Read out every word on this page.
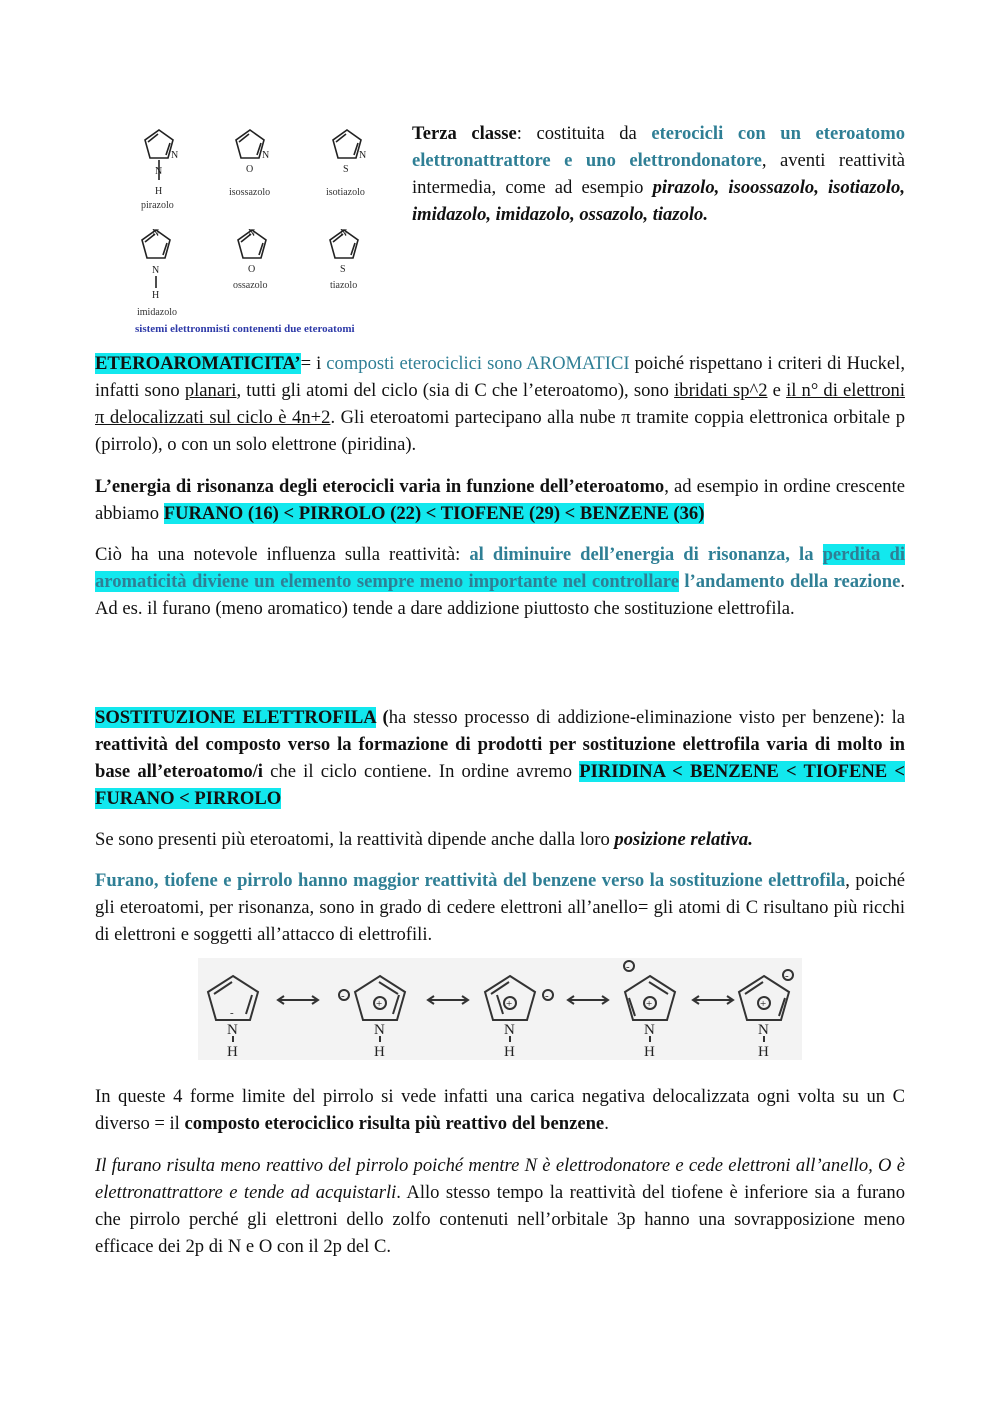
N
N
H
N
O
N
S
N
N
H
N
O
N
S
pirazolo
isossazolo	isotiazolo
imidazolo
ossazolo	tiazolo
sistemi elettronmisti contenenti due eteroatomi

Terza classe: costituita da eterocicli con un eteroatomo elettronattrattore e uno elettrondonatore, aventi reattività intermedia, come ad esempio pirazolo, isoossazolo, isotiazolo, imidazolo, imidazolo, ossazolo, tiazolo.

ETEROAROMATICITA’= i composti eterociclici sono AROMATICI poiché rispettano i criteri di Huckel, infatti sono planari, tutti gli atomi del ciclo (sia di C che l’eteroatomo), sono ibridati sp^2 e il n° di elettroni π delocalizzati sul ciclo è 4n+2. Gli eteroatomi partecipano alla nube π tramite coppia elettronica orbitale p (pirrolo), o con un solo elettrone (piridina).

L’energia di risonanza degli eterocicli varia in funzione dell’eteroatomo, ad esempio in ordine crescente abbiamo FURANO (16) < PIRROLO (22) < TIOFENE (29) < BENZENE (36)

Ciò ha una notevole influenza sulla reattività: al diminuire dell’energia di risonanza, la perdita di aromaticità diviene un elemento sempre meno importante nel controllare l’andamento della reazione. Ad es. il furano (meno aromatico) tende a dare addizione piuttosto che sostituzione elettrofila.

SOSTITUZIONE ELETTROFILA (ha stesso processo di addizione-eliminazione visto per benzene): la reattività del composto verso la formazione di prodotti per sostituzione elettrofila varia di molto in base all’eteroatomo/i che il ciclo contiene. In ordine avremo PIRIDINA < BENZENE < TIOFENE < FURANO < PIRROLO

Se sono presenti più eteroatomi, la reattività dipende anche dalla loro posizione relativa.

Furano, tiofene e pirrolo hanno maggior reattività del benzene verso la sostituzione elettrofila, poiché gli eteroatomi, per risonanza, sono in grado di cedere elettroni all’anello= gli atomi di C risultano più ricchi di elettroni e soggetti all’attacco di elettrofili.

N
H
N
H
N
H
N
H
N
H
+	+	+	+
-	-
-
-
-

In queste 4 forme limite del pirrolo si vede infatti una carica negativa delocalizzata ogni volta su un C diverso = il composto eterociclico risulta più reattivo del benzene.

Il furano risulta meno reattivo del pirrolo poiché mentre N è elettrodonatore e cede elettroni all’anello, O è elettronattrattore e tende ad acquistarli. Allo stesso tempo la reattività del tiofene è inferiore sia a furano che pirrolo perché gli elettroni dello zolfo contenuti nell’orbitale 3p hanno una sovrapposizione meno efficace dei 2p di N e O con il 2p del C.
